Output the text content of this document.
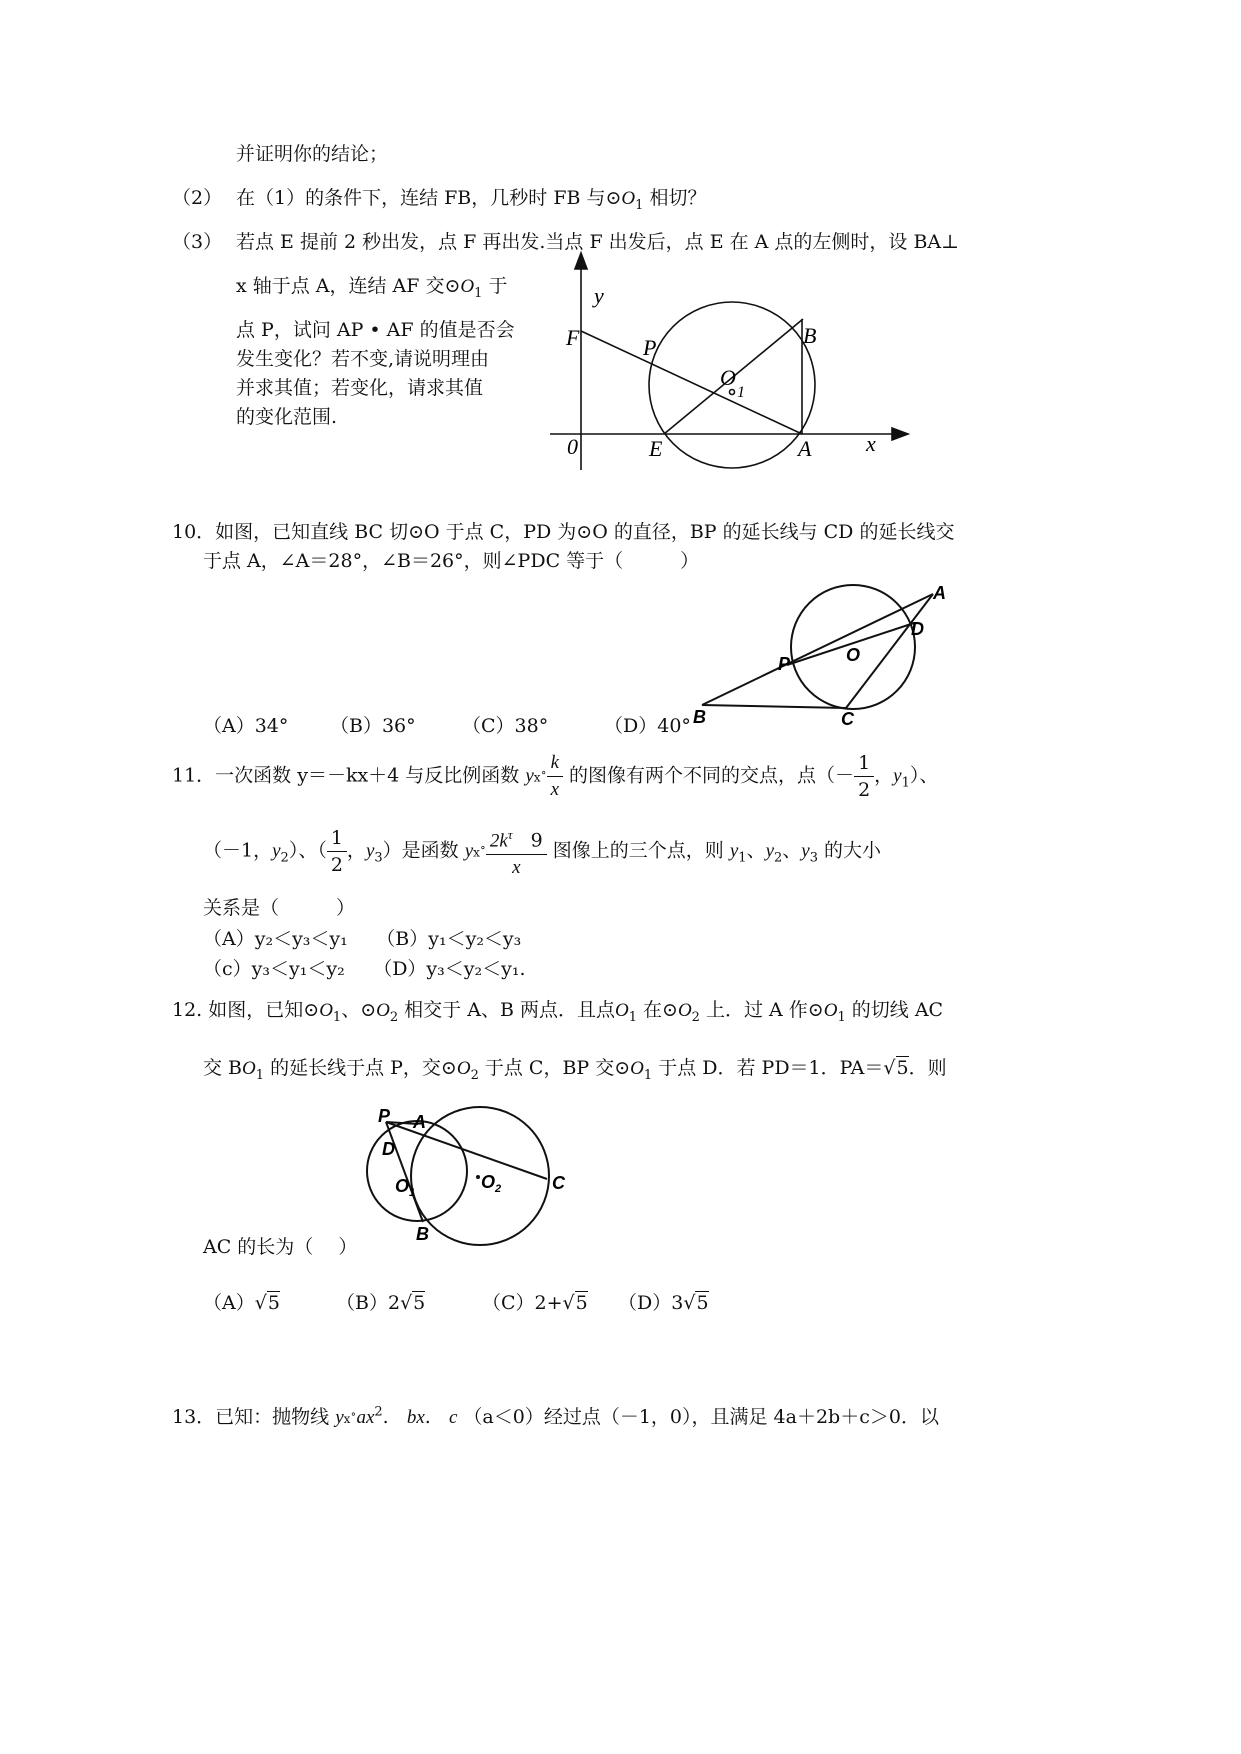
并证明你的结论；
（2） 在（1）的条件下，连结 FB，几秒时 FB 与$⊙O_1$ 相切？
（3） 若点 E 提前 2 秒出发，点 F 再出发.当点 F 出发后，点 E 在 A 点的左侧时，设 BA⊥
x 轴于点 A，连结 AF 交$⊙O_1$ 于
点 P，试问 AP • AF 的值是否会
发生变化？若不变,请说明理由
并求其值；若变化，请求其值
的变化范围.
y
x
F	P	B
O
1
0	E	A
10．如图，已知直线 BC 切⊙O 于点 C，PD 为⊙O 的直径，BP 的延长线与 CD 的延长线交
于点 A，∠A＝28°，∠B＝26°，则∠PDC 等于（　　　）
A
D
P	O
B	C
（A）34° （B）36° （C）38°	（D）40°
11．一次函数 y＝－kx＋4 与反比例函数 yⅹ˚ $\frac{k}{x}$ 的图像有两个不同的交点，点（－ $\frac{1}{2}$ ，$y_1$）、
（－1，$y_2$）、（ $\frac{1}{2}$ ，$y_3$）是函数 yⅹ˚ $\frac{2k^\tau 9}{x}$ 图像上的三个点，则 $y_1$、$y_2$、$y_3$ 的大小
关系是（　　　）
（A）y₂＜y₃＜y₁　　（B）y₁＜y₂＜y₃
（c）y₃＜y₁＜y₂　　（D）y₃＜y₂＜y₁.
12. 如图，已知$⊙O_1$、$⊙O_2$ 相交于 A、B 两点．且点$O_1$ 在$⊙O_2$ 上．过 A 作$⊙O_1$ 的切线 AC
交 $BO_1$ 的延长线于点 P，交$⊙O_2$ 于点 C，BP 交$⊙O_1$ 于点 D．若 PD＝1．PA＝√5．则
P A
D
$O_1$
$O_2$	C
B
AC 的长为（　 ）
（A）√5	（B）2√5	（C）2+√5 （D）3√5
13．已知：抛物线 $yⅹ˚ax^2$.   bx.   c （a＜0）经过点（－1，0），且满足 4a＋2b＋c＞0．以
